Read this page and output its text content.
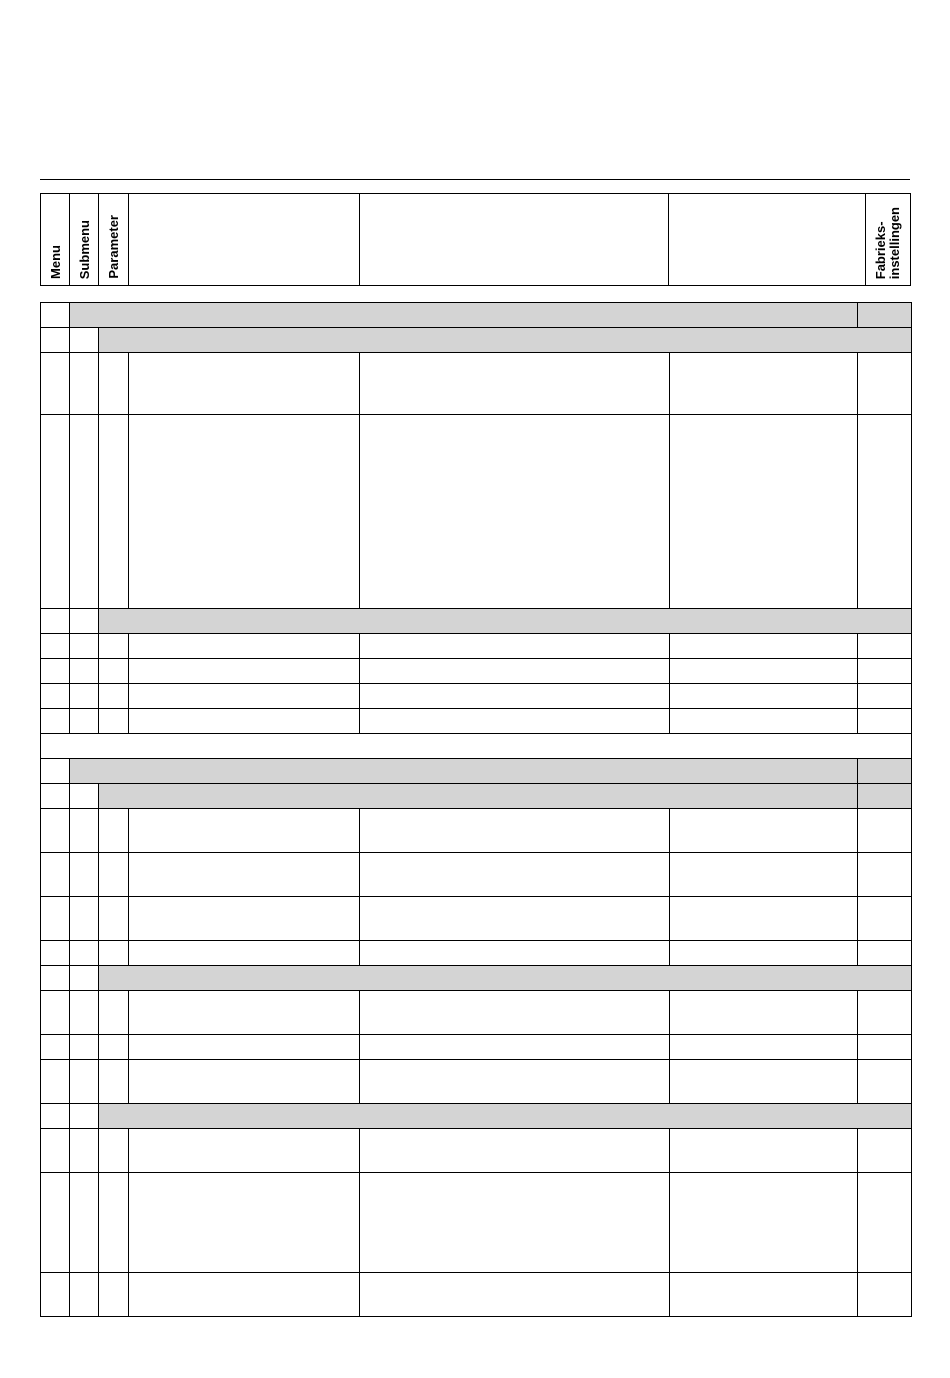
Menu	Submenu	Parameter				Fabrieks-
instellingen
